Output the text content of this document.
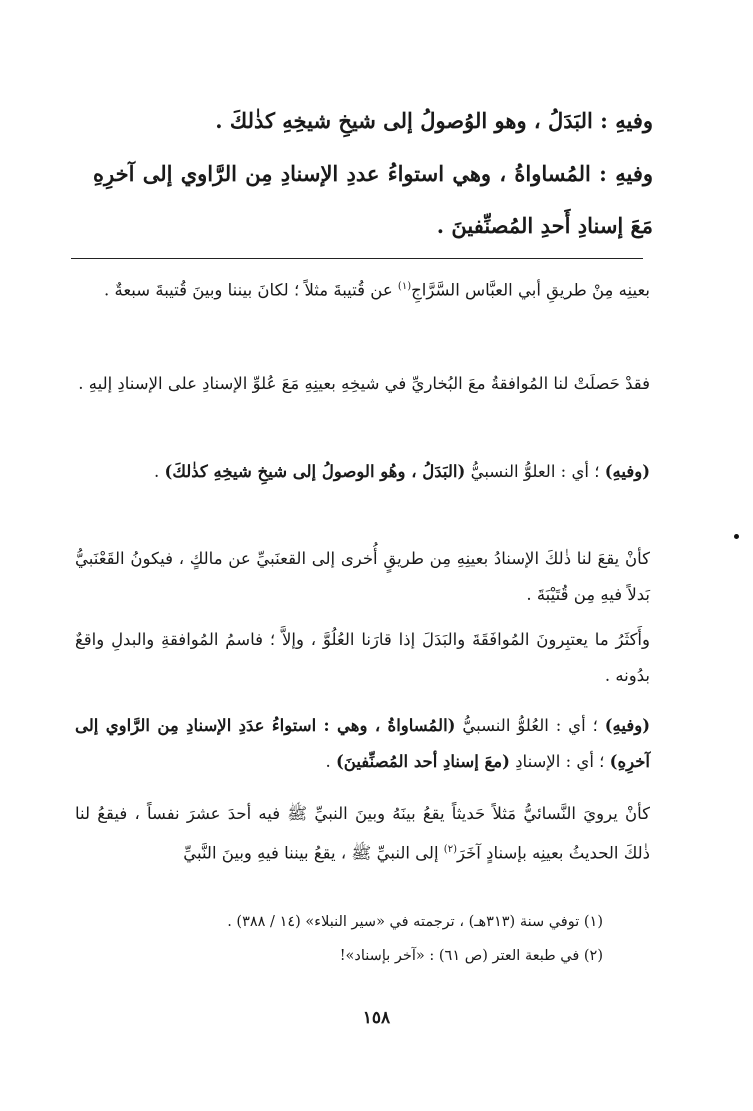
وفيهِ : البَدَلُ ، وهو الوُصولُ إلى شيخِ شيخِهِ كذٰلكَ .

وفيهِ : المُساواةُ ، وهي استواءُ عددِ الإسنادِ مِن الرَّاوي إلى آخرِهِ مَعَ إسنادِ أَحدِ المُصنِّفينَ .

بعينِه مِنْ طريقِ أبي العبَّاس السَّرَّاجِ$^{(١)}$ عن قُتيبةَ مثلاً ؛ لكانَ بيننا وبينَ قُتيبةَ سبعةٌ .

فقدْ حَصلَتْ لنا المُوافقةُ معَ البُخاريِّ في شيخِهِ بعينِهِ مَعَ عُلوِّ الإسنادِ على الإسنادِ إليهِ .

(وفيهِ) ؛ أي : العلوُّ النسبيُّ (البَدَلُ ، وهُو الوصولُ إلى شيخِ شيخِهِ كذٰلكَ) .

كأنْ يقعَ لنا ذٰلكَ الإسنادُ بعينِهِ مِن طريقٍ أُخرى إلى القعنَبيِّ عن مالكٍ ، فيكونُ القَعْنَبيُّ بَدلاً فيهِ مِن قُتَيْبَةَ .

وأَكثَرُ ما يعتبِرونَ المُوافَقَةَ والبَدَلَ إذا قارَنا العُلُوَّ ، وإلاَّ ؛ فاسمُ المُوافقةِ والبدلِ واقعٌ بدُونه .

(وفيهِ) ؛ أي : العُلوُّ النسبيُّ (المُساواةُ ، وهي : استواءُ عدَدِ الإسنادِ مِن الرَّاوي إلى آخرِهِ) ؛ أي : الإسنادِ (معَ إسنادِ أحد المُصنِّفينَ) .

كأنْ يرويَ النَّسائيُّ مَثلاً حَديثاً يقعُ بينَهُ وبينَ النبيِّ ﷺ فيه أحدَ عشرَ نفساً ، فيقعُ لنا ذٰلكَ الحديثُ بعينِه بإسنادٍ آخَرَ$^{(٢)}$ إلى النبيِّ ﷺ ، يقعُ بيننا فيهِ وبينَ النَّبيِّ

(١) توفي سنة (٣١٣هـ) ، ترجمته في «سير النبلاء» (١٤ / ٣٨٨) .
(٢) في طبعة العتر (ص ٦١) : «آخر بإسناد»!
١٥٨
